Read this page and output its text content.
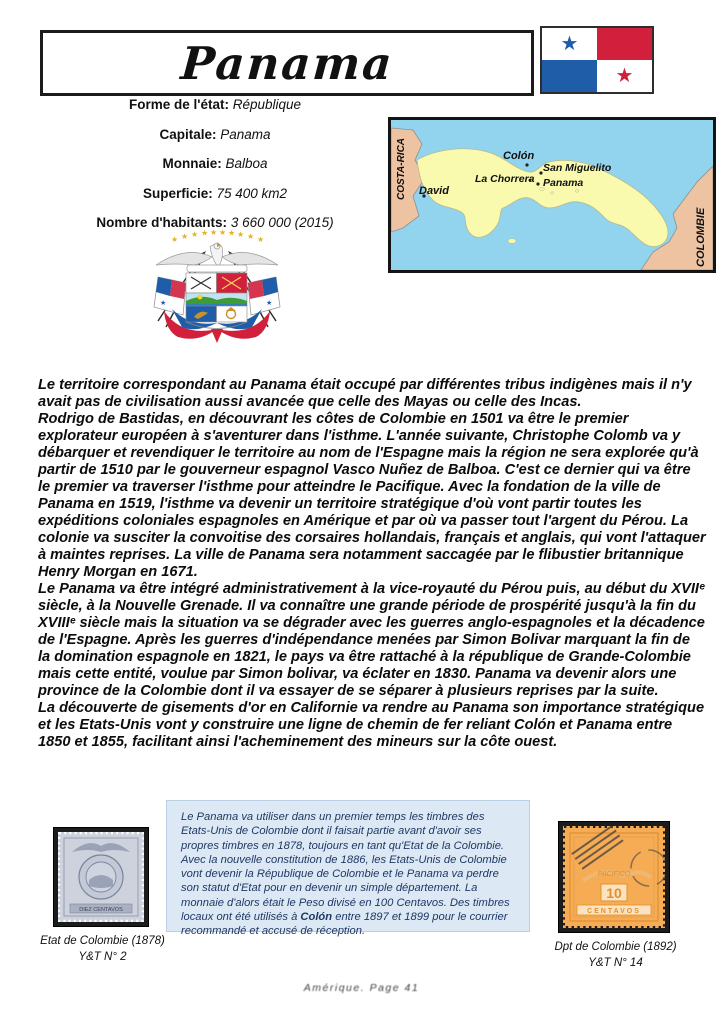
Panama	★
★
Forme de l'état: République
Capitale: Panama
Monnaie: Balboa
Superficie: 75 400 km2
Nombre d'habitants: 3 660 000 (2015)
Colón
San Miguelito
La Chorrera Panama
David
COSTA-RICA
COLOMBIE
★ ★ ★ ★ ★ ★ ★ ★ ★ ★
★	★

Le territoire correspondant au Panama était occupé par différentes tribus indigènes mais il n'y avait pas de civilisation aussi avancée que celle des Mayas ou celle des Incas.

Rodrigo de Bastidas, en découvrant les côtes de Colombie en 1501 va être le premier explorateur européen à s'aventurer dans l'isthme. L'année suivante, Christophe Colomb va y débarquer et revendiquer le territoire au nom de l'Espagne mais la région ne sera explorée qu'à partir de 1510 par le gouverneur espagnol Vasco Nuñez de Balboa. C'est ce dernier qui va être le premier va traverser l'isthme pour atteindre le Pacifique. Avec la fondation de la ville de Panama en 1519, l'isthme va devenir un territoire stratégique d'où vont partir toutes les expéditions coloniales espagnoles en Amérique et par où va passer tout l'argent du Pérou. La colonie va susciter la convoitise des corsaires hollandais, français et anglais, qui vont l'attaquer à maintes reprises. La ville de Panama sera notamment saccagée par le flibustier britannique Henry Morgan en 1671.

Le Panama va être intégré administrativement à la vice-royauté du Pérou puis, au début du XVIIᵉ siècle, à la Nouvelle Grenade. Il va connaître une grande période de prospérité jusqu'à la fin du XVIIIᵉ siècle mais la situation va se dégrader avec les guerres anglo-espagnoles et la décadence de l'Espagne. Après les guerres d'indépendance menées par Simon Bolivar marquant la fin de la domination espagnole en 1821, le pays va être rattaché à la république de Grande-Colombie mais cette entité, voulue par Simon bolivar, va éclater en 1830. Panama va devenir alors une province de la Colombie dont il va essayer de se séparer à plusieurs reprises par la suite.

La découverte de gisements d'or en Californie va rendre au Panama son importance stratégique et les Etats-Unis vont y construire une ligne de chemin de fer reliant Colón et Panama entre 1850 et 1855, facilitant ainsi l'acheminement des mineurs sur la côte ouest.

DIEZ CENTAVOS
Etat de Colombie (1878)
Y&T N° 2
Le Panama va utiliser dans un premier temps les timbres des Etats-Unis de Colombie dont il faisait partie avant d'avoir ses propres timbres en 1878, toujours en tant qu'Etat de la Colombie. Avec la nouvelle constitution de 1886, les Etats-Unis de Colombie vont devenir la République de Colombie et le Panama va perdre son statut d'Etat pour en devenir un simple département. La monnaie d'alors était le Peso divisé en 100 Centavos. Des timbres locaux ont été utilisés à Colón entre 1897 et 1899 pour le courrier recommandé et accusé de réception.
PACIFICO
10
CENTAVOS
Dpt de Colombie (1892)
Y&T N° 14
Amérique. Page 41
